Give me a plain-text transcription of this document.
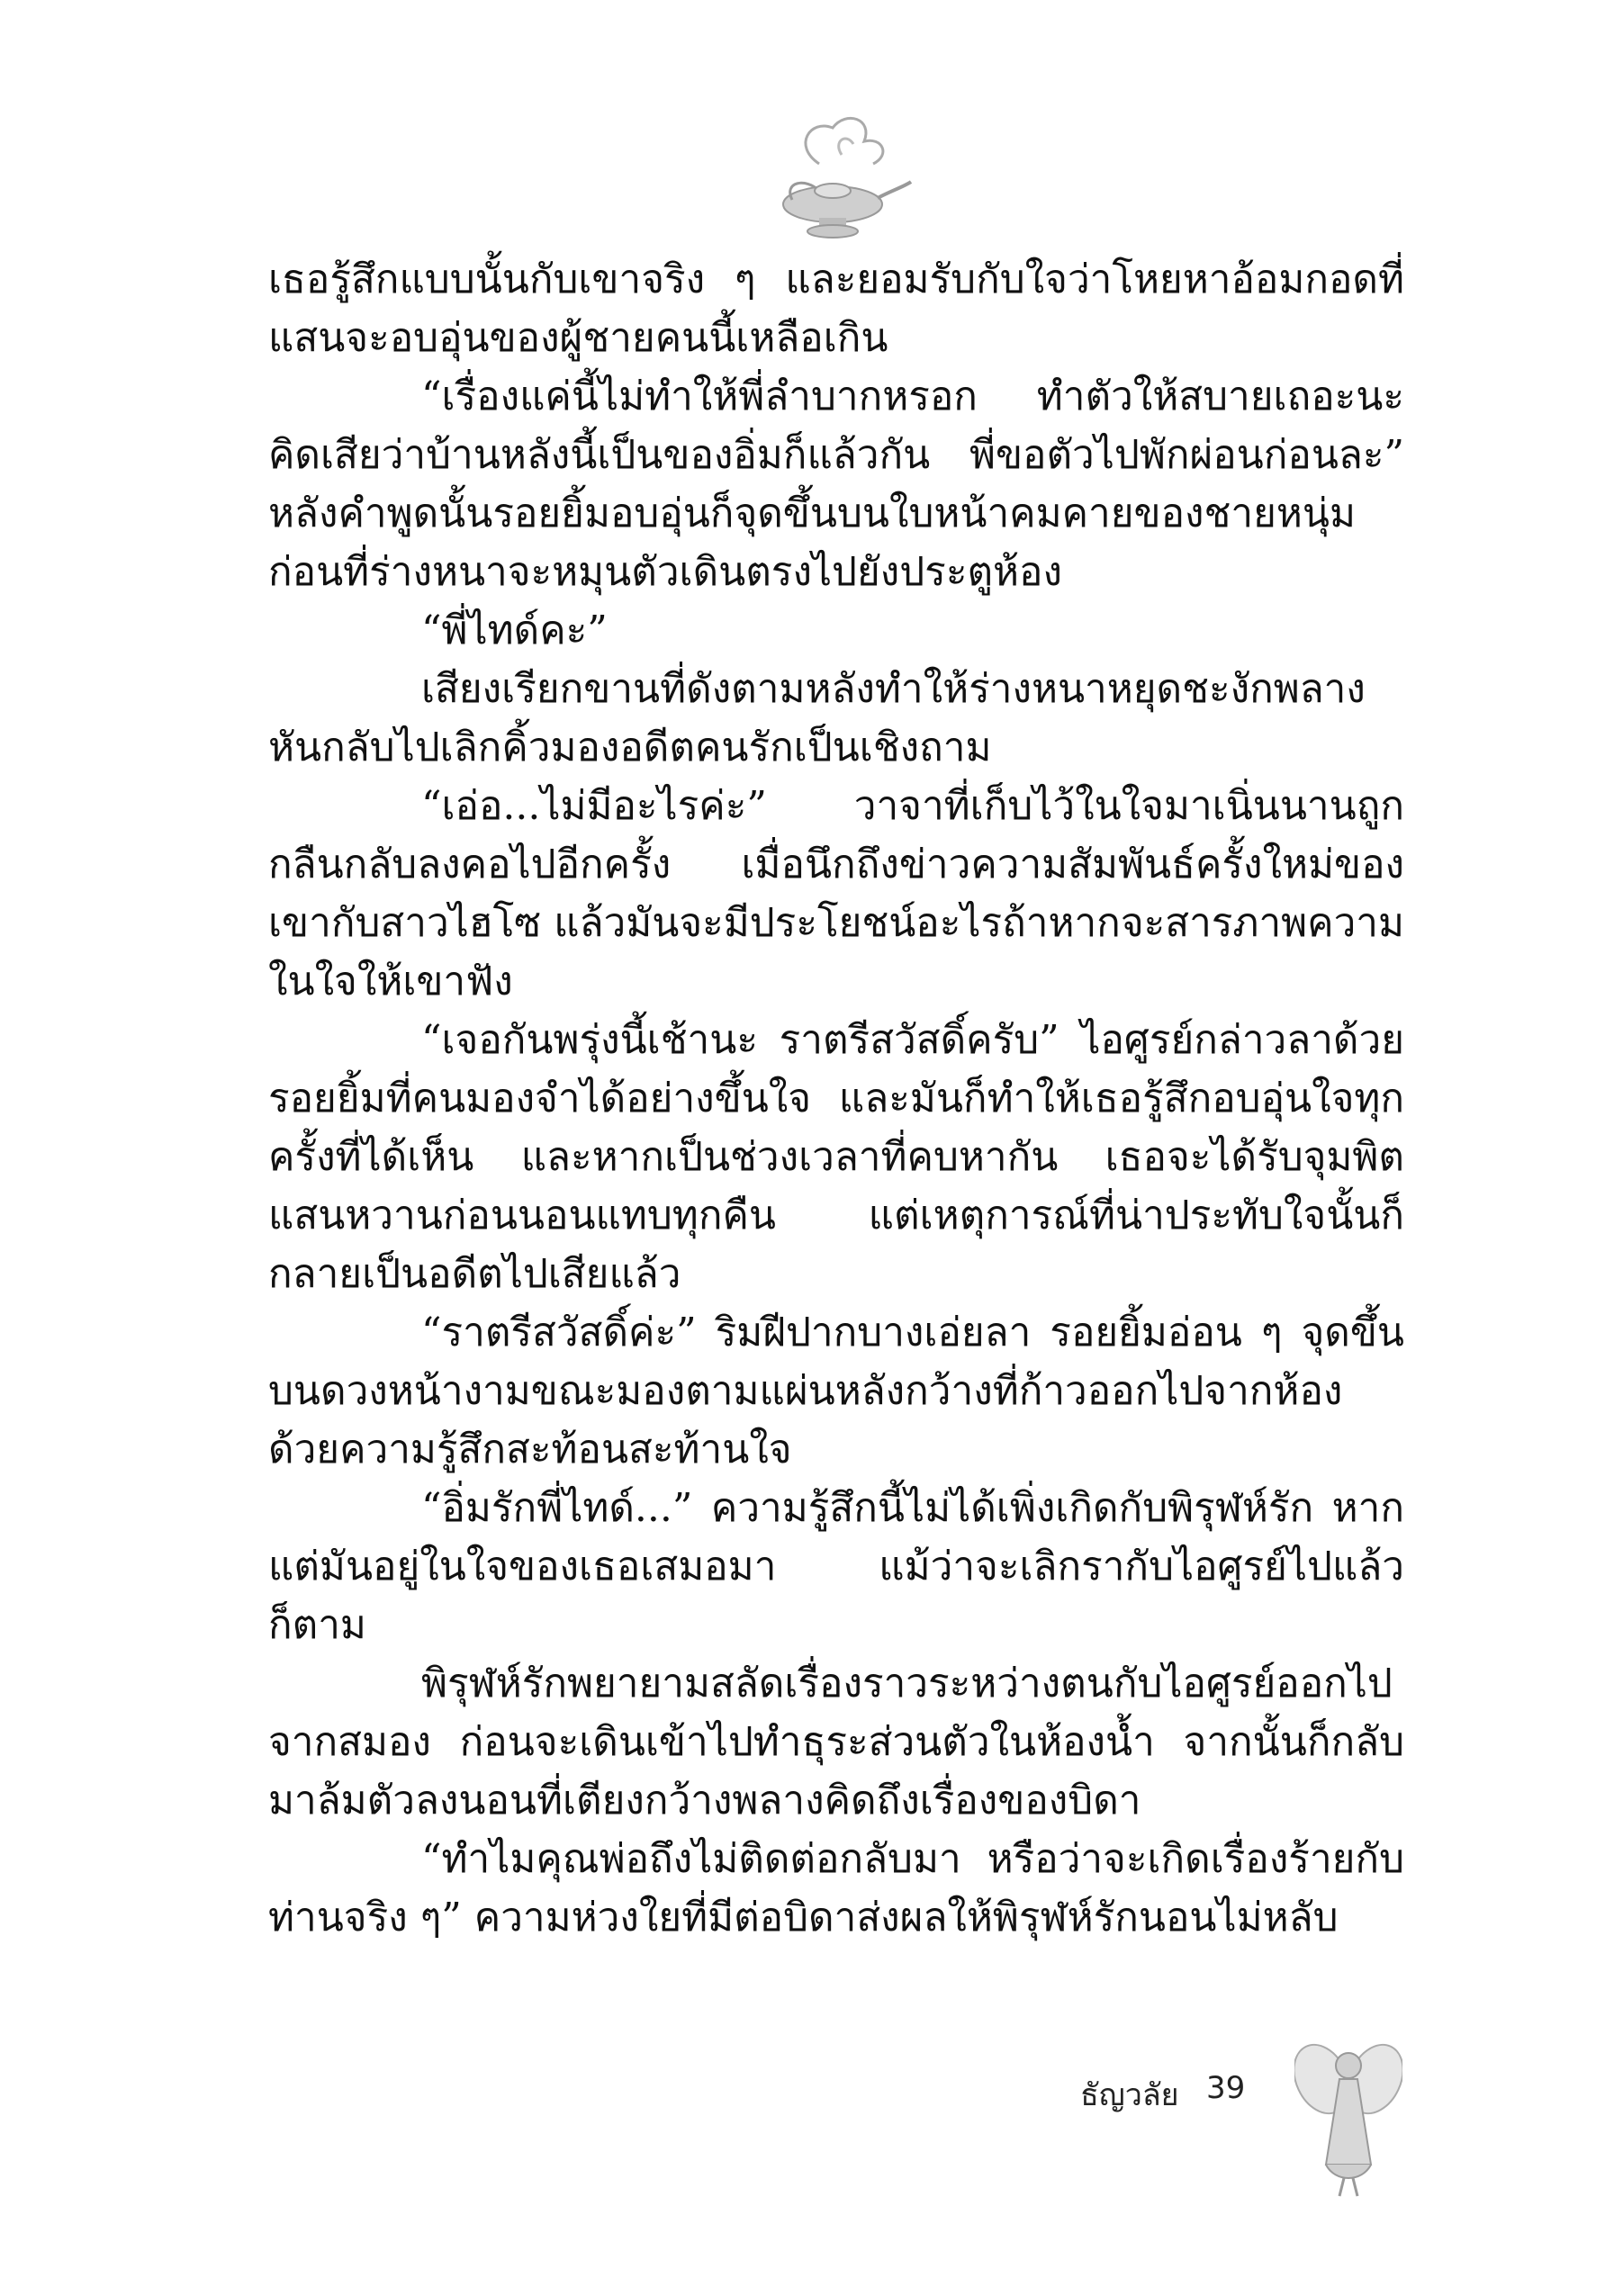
เธอรู้สึกแบบนั้นกับเขาจริง ๆ และยอมรับกับใจว่าโหยหาอ้อมกอดที่แสนจะอบอุ่นของผู้ชายคนนี้เหลือเกิน

“เรื่องแค่นี้ไม่ทำให้พี่ลำบากหรอก ทำตัวให้สบายเถอะนะ คิดเสียว่าบ้านหลังนี้เป็นของอิ่มก็แล้วกัน พี่ขอตัวไปพักผ่อนก่อนละ” หลังคำพูดนั้นรอยยิ้มอบอุ่นก็จุดขึ้นบนใบหน้าคมคายของชายหนุ่ม ก่อนที่ร่างหนาจะหมุนตัวเดินตรงไปยังประตูห้อง

“พี่ไทด์คะ”

เสียงเรียกขานที่ดังตามหลังทำให้ร่างหนาหยุดชะงักพลางหันกลับไปเลิกคิ้วมองอดีตคนรักเป็นเชิงถาม

“เอ่อ...ไม่มีอะไรค่ะ” วาจาที่เก็บไว้ในใจมาเนิ่นนานถูกกลืนกลับลงคอไปอีกครั้ง เมื่อนึกถึงข่าวความสัมพันธ์ครั้งใหม่ของเขากับสาวไฮโซ แล้วมันจะมีประโยชน์อะไรถ้าหากจะสารภาพความในใจให้เขาฟัง

“เจอกันพรุ่งนี้เช้านะ ราตรีสวัสดิ์ครับ” ไอศูรย์กล่าวลาด้วยรอยยิ้มที่คนมองจำได้อย่างขึ้นใจ และมันก็ทำให้เธอรู้สึกอบอุ่นใจทุกครั้งที่ได้เห็น และหากเป็นช่วงเวลาที่คบหากัน เธอจะได้รับจุมพิตแสนหวานก่อนนอนแทบทุกคืน แต่เหตุการณ์ที่น่าประทับใจนั้นก็กลายเป็นอดีตไปเสียแล้ว

“ราตรีสวัสดิ์ค่ะ” ริมฝีปากบางเอ่ยลา รอยยิ้มอ่อน ๆ จุดขึ้นบนดวงหน้างามขณะมองตามแผ่นหลังกว้างที่ก้าวออกไปจากห้องด้วยความรู้สึกสะท้อนสะท้านใจ

“อิ่มรักพี่ไทด์...” ความรู้สึกนี้ไม่ได้เพิ่งเกิดกับพิรุฬห์รัก หากแต่มันอยู่ในใจของเธอเสมอมา แม้ว่าจะเลิกรากับไอศูรย์ไปแล้วก็ตาม

พิรุฬห์รักพยายามสลัดเรื่องราวระหว่างตนกับไอศูรย์ออกไปจากสมอง ก่อนจะเดินเข้าไปทำธุระส่วนตัวในห้องน้ำ จากนั้นก็กลับมาล้มตัวลงนอนที่เตียงกว้างพลางคิดถึงเรื่องของบิดา

“ทำไมคุณพ่อถึงไม่ติดต่อกลับมา หรือว่าจะเกิดเรื่องร้ายกับท่านจริง ๆ” ความห่วงใยที่มีต่อบิดาส่งผลให้พิรุฬห์รักนอนไม่หลับ

ธัญวลัย 39
